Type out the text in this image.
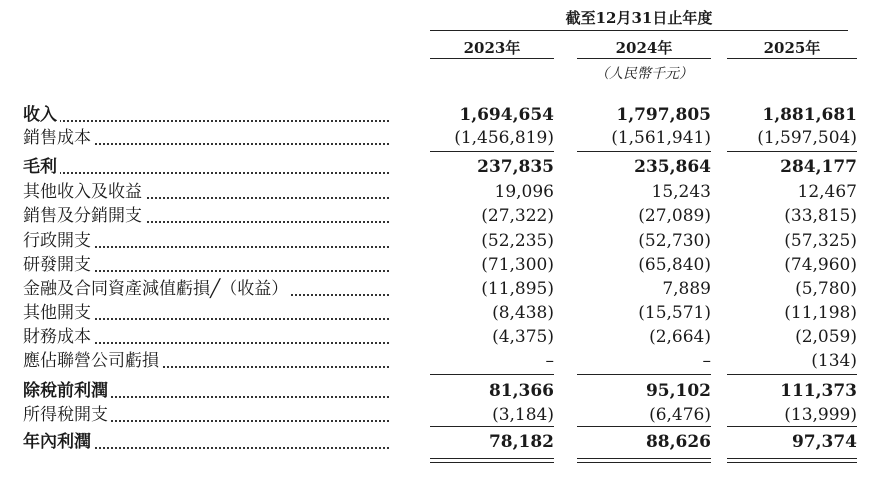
截至12月31日止年度
2023年	2024年	2025年
（人民幣千元）
收入	1,694,654	1,797,805	1,881,681
銷售成本	(1,456,819)	(1,561,941)	(1,597,504)
毛利	237,835	235,864	284,177
其他收入及收益	19,096	15,243	12,467
銷售及分銷開支	(27,322)	(27,089)	(33,815)
行政開支	(52,235)	(52,730)	(57,325)
研發開支	(71,300)	(65,840)	(74,960)
金融及合同資產減值虧損╱（收益）	(11,895)	7,889	(5,780)
其他開支	(8,438)	(15,571)	(11,198)
財務成本	(4,375)	(2,664)	(2,059)
應佔聯營公司虧損	–	–	(134)
除稅前利潤	81,366	95,102	111,373
所得稅開支	(3,184)	(6,476)	(13,999)
年內利潤	78,182	88,626	97,374
